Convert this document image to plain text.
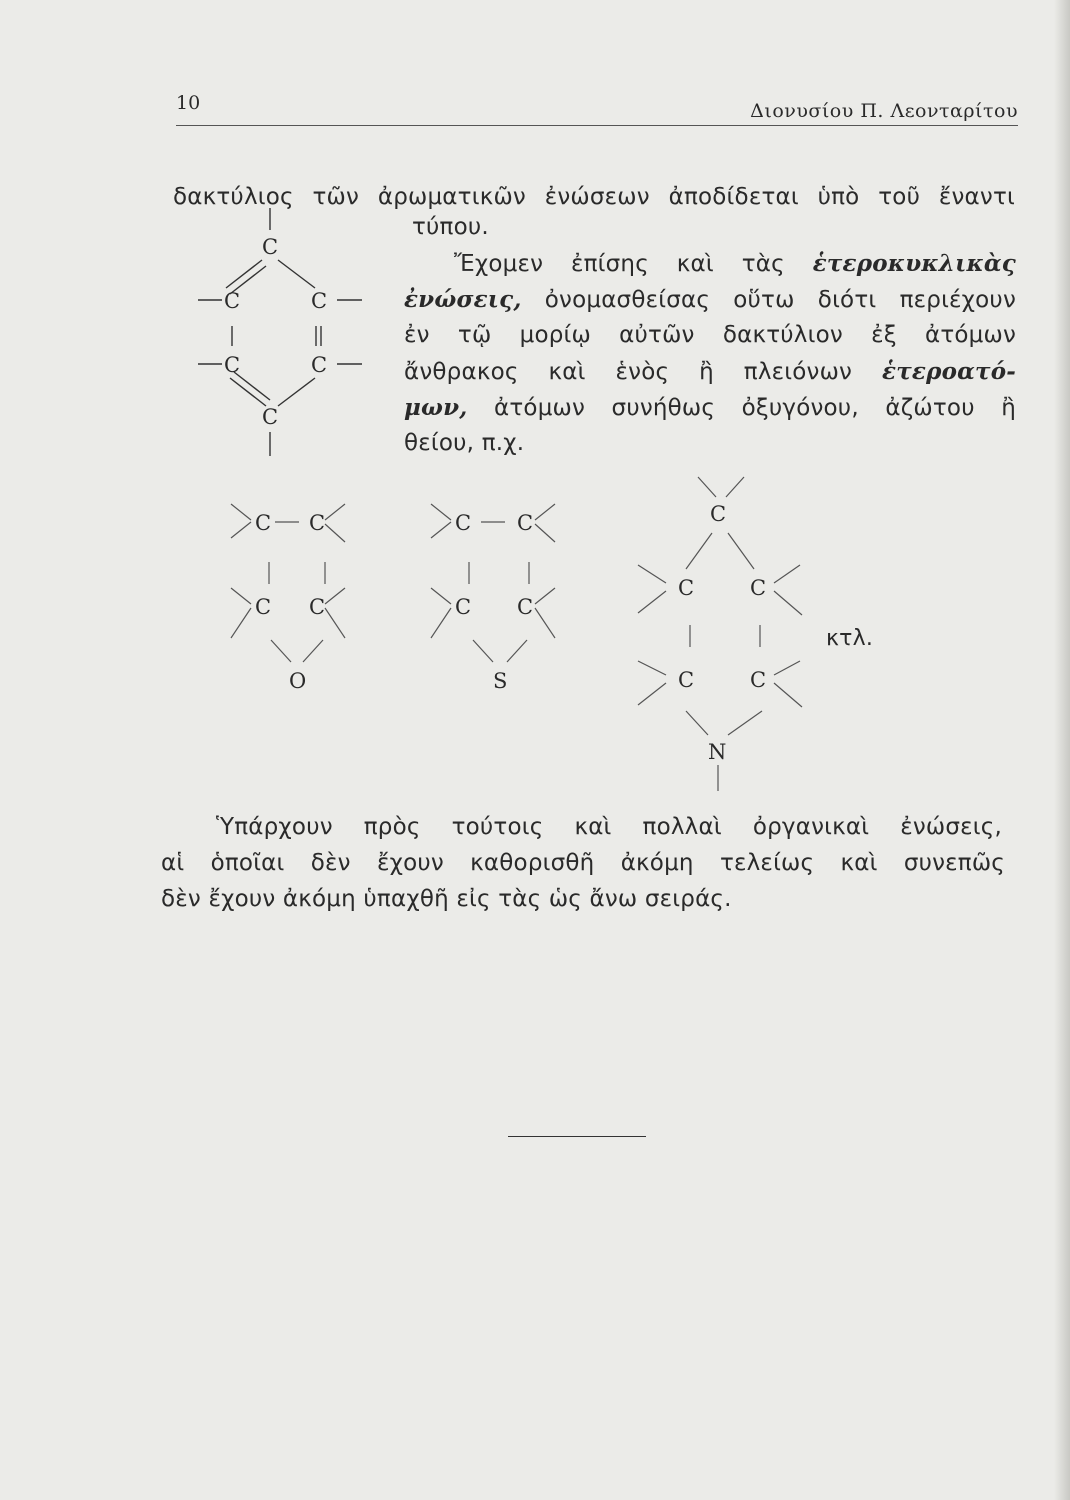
10	Διονυσίου Π. Λεονταρίτου
δακτύλιος τῶν ἀρωματικῶν ἐνώσεων ἀποδίδεται ὑπὸ τοῦ ἔναντι
τύπου.
Ἔχομεν ἐπίσης καὶ τὰς ἑτεροκυκλικὰς
ἐνώσεις, ὀνομασθείσας οὕτω διότι περιέχουν
ἐν τῷ μορίῳ αὐτῶν δακτύλιον ἐξ ἀτόμων
ἄνθρακος καὶ ἑνὸς ἢ πλειόνων ἑτεροατό-
μων, ἀτόμων συνήθως ὀξυγόνου, ἀζώτου ἢ
θείου, π.χ.
C
C	C
C	C
C
C C
C C
O
C C
C C
S
C
C	C
C	C
N
κτλ.
Ὑπάρχουν πρὸς τούτοις καὶ πολλαὶ ὀργανικαὶ ἐνώσεις,
αἱ ὁποῖαι δὲν ἔχουν καθορισθῆ ἀκόμη τελείως καὶ συνεπῶς
δὲν ἔχουν ἀκόμη ὑπαχθῆ εἰς τὰς ὡς ἄνω σειράς.
